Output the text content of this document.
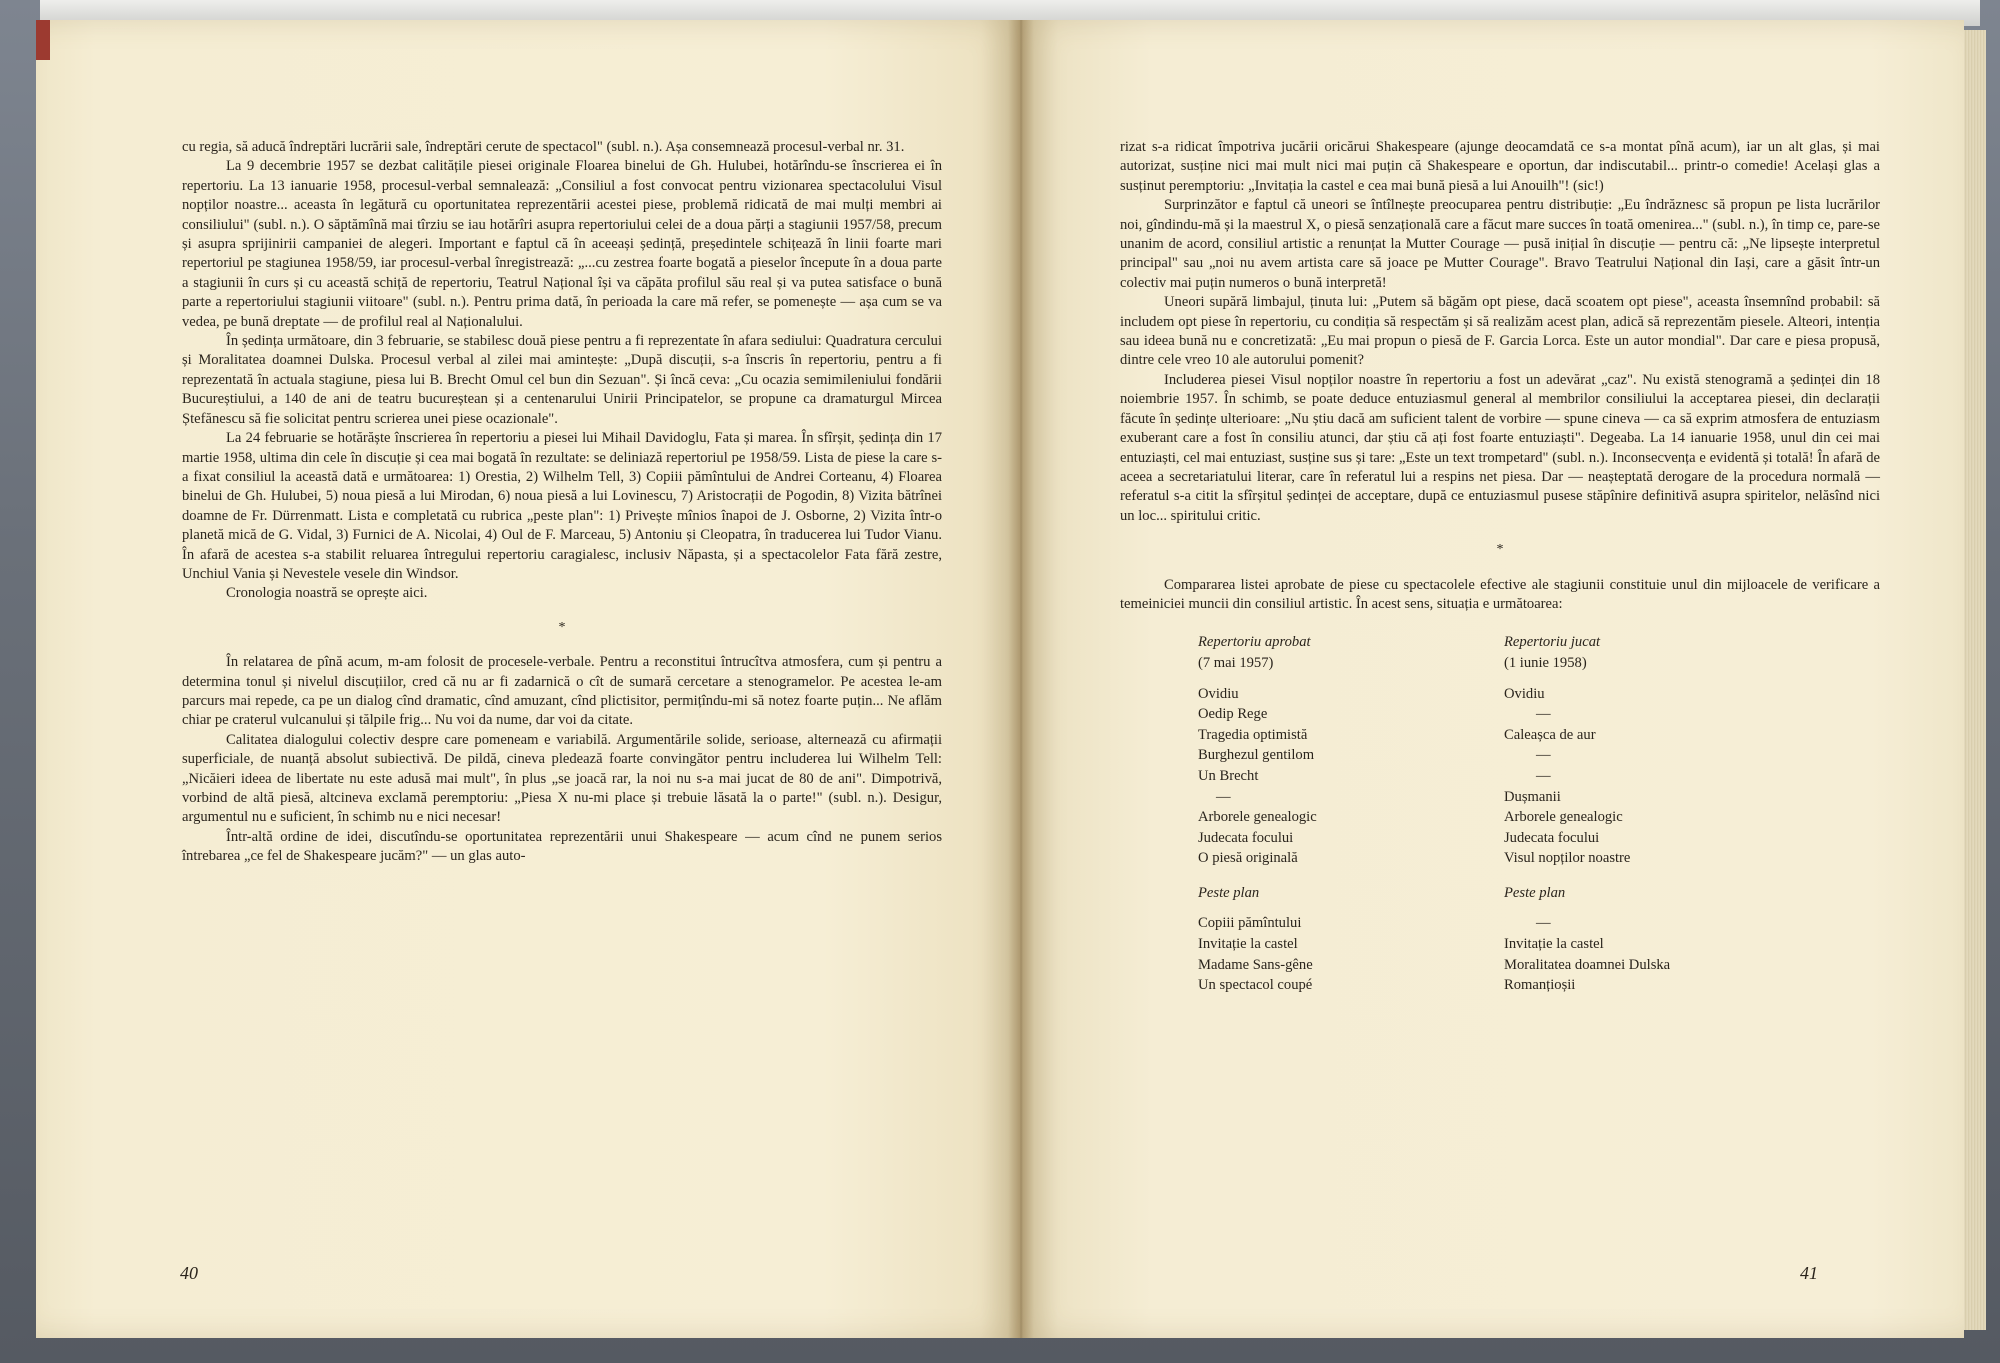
cu regia, să aducă îndreptări lucrării sale, îndreptări cerute de spectacol" (subl. n.). Așa consemnează procesul-verbal nr. 31.

La 9 decembrie 1957 se dezbat calitățile piesei originale Floarea binelui de Gh. Hulubei, hotărîndu-se înscrierea ei în repertoriu. La 13 ianuarie 1958, procesul-verbal semnalează: „Consiliul a fost convocat pentru vizionarea spectacolului Visul nopților noastre... aceasta în legătură cu oportunitatea reprezentării acestei piese, problemă ridicată de mai mulți membri ai consiliului" (subl. n.). O săptămînă mai tîrziu se iau hotărîri asupra repertoriului celei de a doua părți a stagiunii 1957/58, precum și asupra sprijinirii campaniei de alegeri. Important e faptul că în aceeași ședință, președintele schițează în linii foarte mari repertoriul pe stagiunea 1958/59, iar procesul-verbal înregistrează: „...cu zestrea foarte bogată a pieselor începute în a doua parte a stagiunii în curs și cu această schiță de repertoriu, Teatrul Național își va căpăta profilul său real și va putea satisface o bună parte a repertoriului stagiunii viitoare" (subl. n.). Pentru prima dată, în perioada la care mă refer, se pomenește — așa cum se va vedea, pe bună dreptate — de profilul real al Naționalului.

În ședința următoare, din 3 februarie, se stabilesc două piese pentru a fi reprezentate în afara sediului: Quadratura cercului și Moralitatea doamnei Dulska. Procesul verbal al zilei mai amintește: „După discuții, s-a înscris în repertoriu, pentru a fi reprezentată în actuala stagiune, piesa lui B. Brecht Omul cel bun din Sezuan". Și încă ceva: „Cu ocazia semimileniului fondării Bucureștiului, a 140 de ani de teatru bucureștean și a centenarului Unirii Principatelor, se propune ca dramaturgul Mircea Ștefănescu să fie solicitat pentru scrierea unei piese ocazionale".

La 24 februarie se hotărăște înscrierea în repertoriu a piesei lui Mihail Davidoglu, Fata și marea. În sfîrșit, ședința din 17 martie 1958, ultima din cele în discuție și cea mai bogată în rezultate: se deliniază repertoriul pe 1958/59. Lista de piese la care s-a fixat consiliul la această dată e următoarea: 1) Orestia, 2) Wilhelm Tell, 3) Copiii pămîntului de Andrei Corteanu, 4) Floarea binelui de Gh. Hulubei, 5) noua piesă a lui Mirodan, 6) noua piesă a lui Lovinescu, 7) Aristocrații de Pogodin, 8) Vizita bătrînei doamne de Fr. Dürrenmatt. Lista e completată cu rubrica „peste plan": 1) Privește mînios înapoi de J. Osborne, 2) Vizita într-o planetă mică de G. Vidal, 3) Furnici de A. Nicolai, 4) Oul de F. Marceau, 5) Antoniu și Cleopatra, în traducerea lui Tudor Vianu. În afară de acestea s-a stabilit reluarea întregului repertoriu caragialesc, inclusiv Năpasta, și a spectacolelor Fata fără zestre, Unchiul Vania și Nevestele vesele din Windsor.

Cronologia noastră se oprește aici.

*

În relatarea de pînă acum, m-am folosit de procesele-verbale. Pentru a reconstitui întrucîtva atmosfera, cum și pentru a determina tonul și nivelul discuțiilor, cred că nu ar fi zadarnică o cît de sumară cercetare a stenogramelor. Pe acestea le-am parcurs mai repede, ca pe un dialog cînd dramatic, cînd amuzant, cînd plictisitor, permițîndu-mi să notez foarte puțin... Ne aflăm chiar pe craterul vulcanului și tălpile frig... Nu voi da nume, dar voi da citate.

Calitatea dialogului colectiv despre care pomeneam e variabilă. Argumentările solide, serioase, alternează cu afirmații superficiale, de nuanță absolut subiectivă. De pildă, cineva pledează foarte convingător pentru includerea lui Wilhelm Tell: „Nicăieri ideea de libertate nu este adusă mai mult", în plus „se joacă rar, la noi nu s-a mai jucat de 80 de ani". Dimpotrivă, vorbind de altă piesă, altcineva exclamă peremptoriu: „Piesa X nu-mi place și trebuie lăsată la o parte!" (subl. n.). Desigur, argumentul nu e suficient, în schimb nu e nici necesar!

Într-altă ordine de idei, discutîndu-se oportunitatea reprezentării unui Shakespeare — acum cînd ne punem serios întrebarea „ce fel de Shakespeare jucăm?" — un glas auto-

40

rizat s-a ridicat împotriva jucării oricărui Shakespeare (ajunge deocamdată ce s-a montat pînă acum), iar un alt glas, și mai autorizat, susține nici mai mult nici mai puțin că Shakespeare e oportun, dar indiscutabil... printr-o comedie! Același glas a susținut peremptoriu: „Invitația la castel e cea mai bună piesă a lui Anouilh"! (sic!)

Surprinzător e faptul că uneori se întîlnește preocuparea pentru distribuție: „Eu îndrăznesc să propun pe lista lucrărilor noi, gîndindu-mă și la maestrul X, o piesă senzațională care a făcut mare succes în toată omenirea..." (subl. n.), în timp ce, pare-se unanim de acord, consiliul artistic a renunțat la Mutter Courage — pusă inițial în discuție — pentru că: „Ne lipsește interpretul principal" sau „noi nu avem artista care să joace pe Mutter Courage". Bravo Teatrului Național din Iași, care a găsit într-un colectiv mai puțin numeros o bună interpretă!

Uneori supără limbajul, ținuta lui: „Putem să băgăm opt piese, dacă scoatem opt piese", aceasta însemnînd probabil: să includem opt piese în repertoriu, cu condiția să respectăm și să realizăm acest plan, adică să reprezentăm piesele. Alteori, intenția sau ideea bună nu e concretizată: „Eu mai propun o piesă de F. Garcia Lorca. Este un autor mondial". Dar care e piesa propusă, dintre cele vreo 10 ale autorului pomenit?

Includerea piesei Visul nopților noastre în repertoriu a fost un adevărat „caz". Nu există stenogramă a ședinței din 18 noiembrie 1957. În schimb, se poate deduce entuziasmul general al membrilor consiliului la acceptarea piesei, din declarații făcute în ședințe ulterioare: „Nu știu dacă am suficient talent de vorbire — spune cineva — ca să exprim atmosfera de entuziasm exuberant care a fost în consiliu atunci, dar știu că ați fost foarte entuziaști". Degeaba. La 14 ianuarie 1958, unul din cei mai entuziaști, cel mai entuziast, susține sus și tare: „Este un text trompetard" (subl. n.). Inconsecvența e evidentă și totală! În afară de aceea a secretariatului literar, care în referatul lui a respins net piesa. Dar — neașteptată derogare de la procedura normală — referatul s-a citit la sfîrșitul ședinței de acceptare, după ce entuziasmul pusese stăpînire definitivă asupra spiritelor, nelăsînd nici un loc... spiritului critic.

*

Compararea listei aprobate de piese cu spectacolele efective ale stagiunii constituie unul din mijloacele de verificare a temeiniciei muncii din consiliul artistic. În acest sens, situația e următoarea:

Repertoriu aprobat
(7 mai 1957)
Ovidiu
Oedip Rege
Tragedia optimistă
Burghezul gentilom
Un Brecht
—
Arborele genealogic
Judecata focului
O piesă originală
Peste plan
Copiii pămîntului
Invitație la castel
Madame Sans-gêne
Un spectacol coupé
Repertoriu jucat
(1 iunie 1958)
Ovidiu
—
Caleașca de aur
—
—
Dușmanii
Arborele genealogic
Judecata focului
Visul nopților noastre
Peste plan
—
Invitație la castel
Moralitatea doamnei Dulska
Romanțioșii
41
